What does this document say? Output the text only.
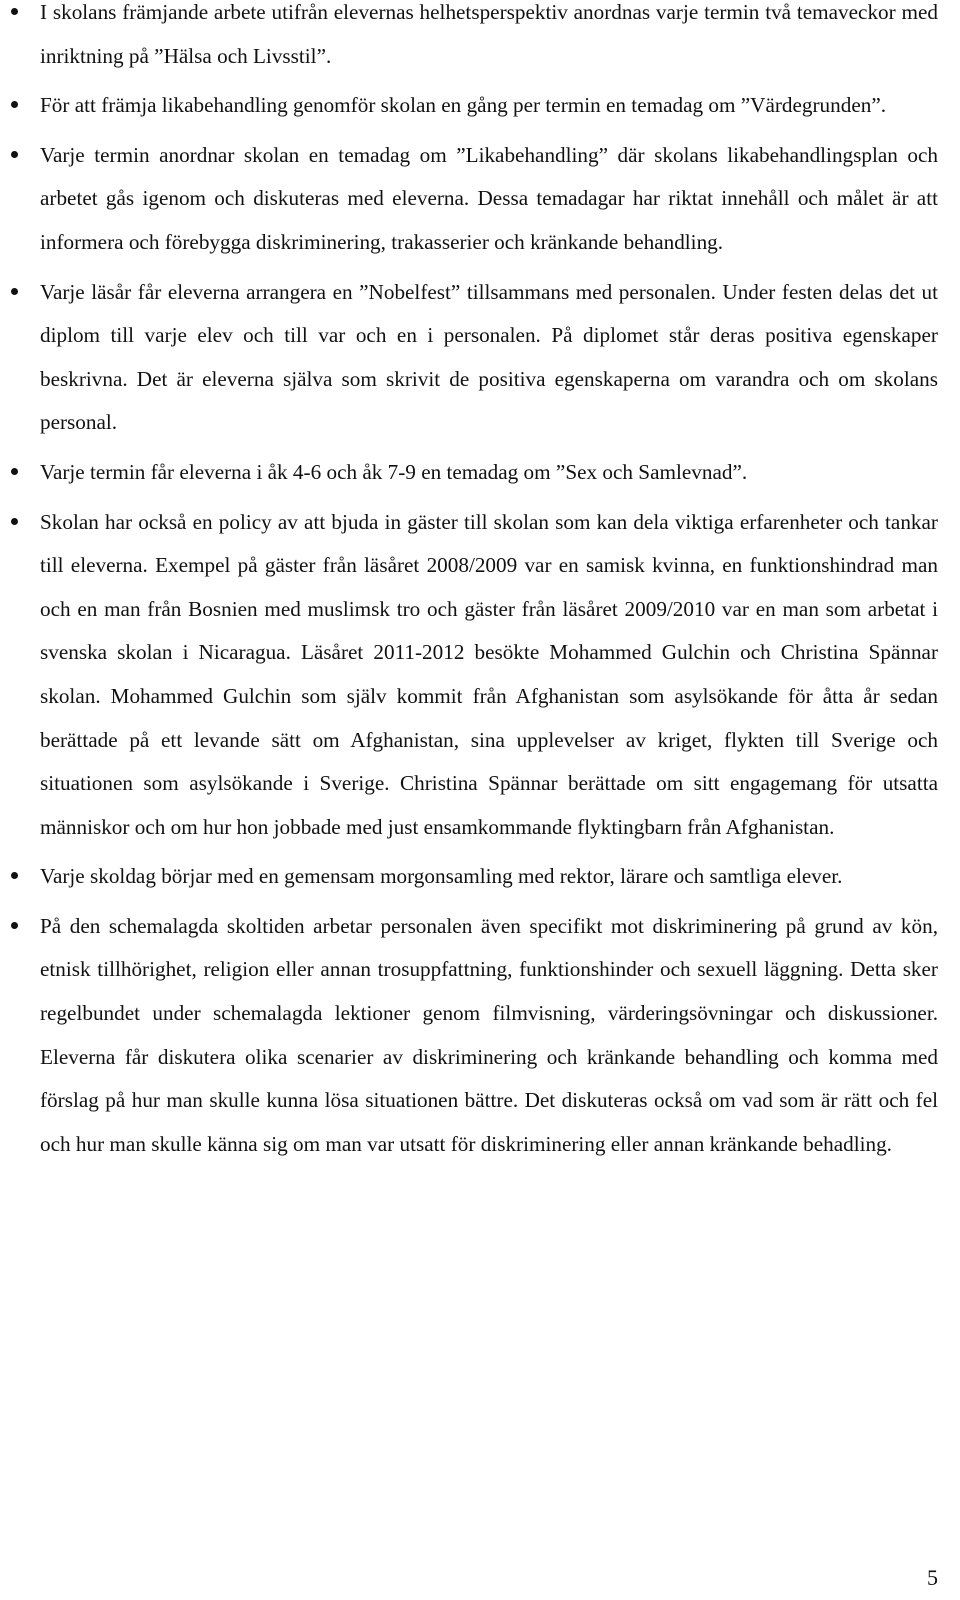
I skolans främjande arbete utifrån elevernas helhetsperspektiv anordnas varje termin två temaveckor med inriktning på ”Hälsa och Livsstil”.
För att främja likabehandling genomför skolan en gång per termin en temadag om ”Värdegrunden”.
Varje termin anordnar skolan en temadag om ”Likabehandling” där skolans likabehandlingsplan och arbetet gås igenom och diskuteras med eleverna. Dessa temadagar har riktat innehåll och målet är att informera och förebygga diskriminering, trakasserier och kränkande behandling.
Varje läsår får eleverna arrangera en ”Nobelfest” tillsammans med personalen. Under festen delas det ut diplom till varje elev och till var och en i personalen. På diplomet står deras positiva egenskaper beskrivna. Det är eleverna själva som skrivit de positiva egenskaperna om varandra och om skolans personal.
Varje termin får eleverna i åk 4-6 och åk 7-9 en temadag om ”Sex och Samlevnad”.
Skolan har också en policy av att bjuda in gäster till skolan som kan dela viktiga erfarenheter och tankar till eleverna. Exempel på gäster från läsåret 2008/2009 var en samisk kvinna, en funktionshindrad man och en man från Bosnien med muslimsk tro och gäster från läsåret 2009/2010 var en man som arbetat i svenska skolan i Nicaragua. Läsåret 2011-2012 besökte Mohammed Gulchin och Christina Spännar skolan. Mohammed Gulchin som själv kommit från Afghanistan som asylsökande för åtta år sedan berättade på ett levande sätt om Afghanistan, sina upplevelser av kriget, flykten till Sverige och situationen som asylsökande i Sverige. Christina Spännar berättade om sitt engagemang för utsatta människor och om hur hon jobbade med just ensamkommande flyktingbarn från Afghanistan.
Varje skoldag börjar med en gemensam morgonsamling med rektor, lärare och samtliga elever.
På den schemalagda skoltiden arbetar personalen även specifikt mot diskriminering på grund av kön, etnisk tillhörighet, religion eller annan trosuppfattning, funktionshinder och sexuell läggning. Detta sker regelbundet under schemalagda lektioner genom filmvisning, värderingsövningar och diskussioner. Eleverna får diskutera olika scenarier av diskriminering och kränkande behandling och komma med förslag på hur man skulle kunna lösa situationen bättre. Det diskuteras också om vad som är rätt och fel och hur man skulle känna sig om man var utsatt för diskriminering eller annan kränkande behadling.
5
